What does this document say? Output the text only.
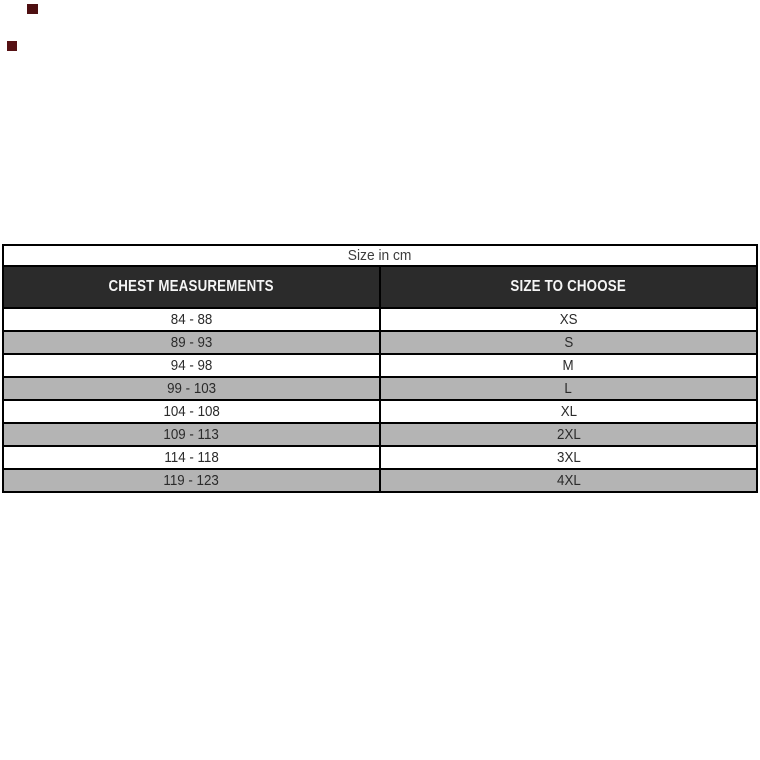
Size in cm	
CHEST MEASUREMENTS	SIZE TO CHOOSE
84 - 88	XS
89 - 93	S
94 - 98	M
99 - 103	L
104 - 108	XL
109 - 113	2XL
114 - 118	3XL
119 - 123	4XL
